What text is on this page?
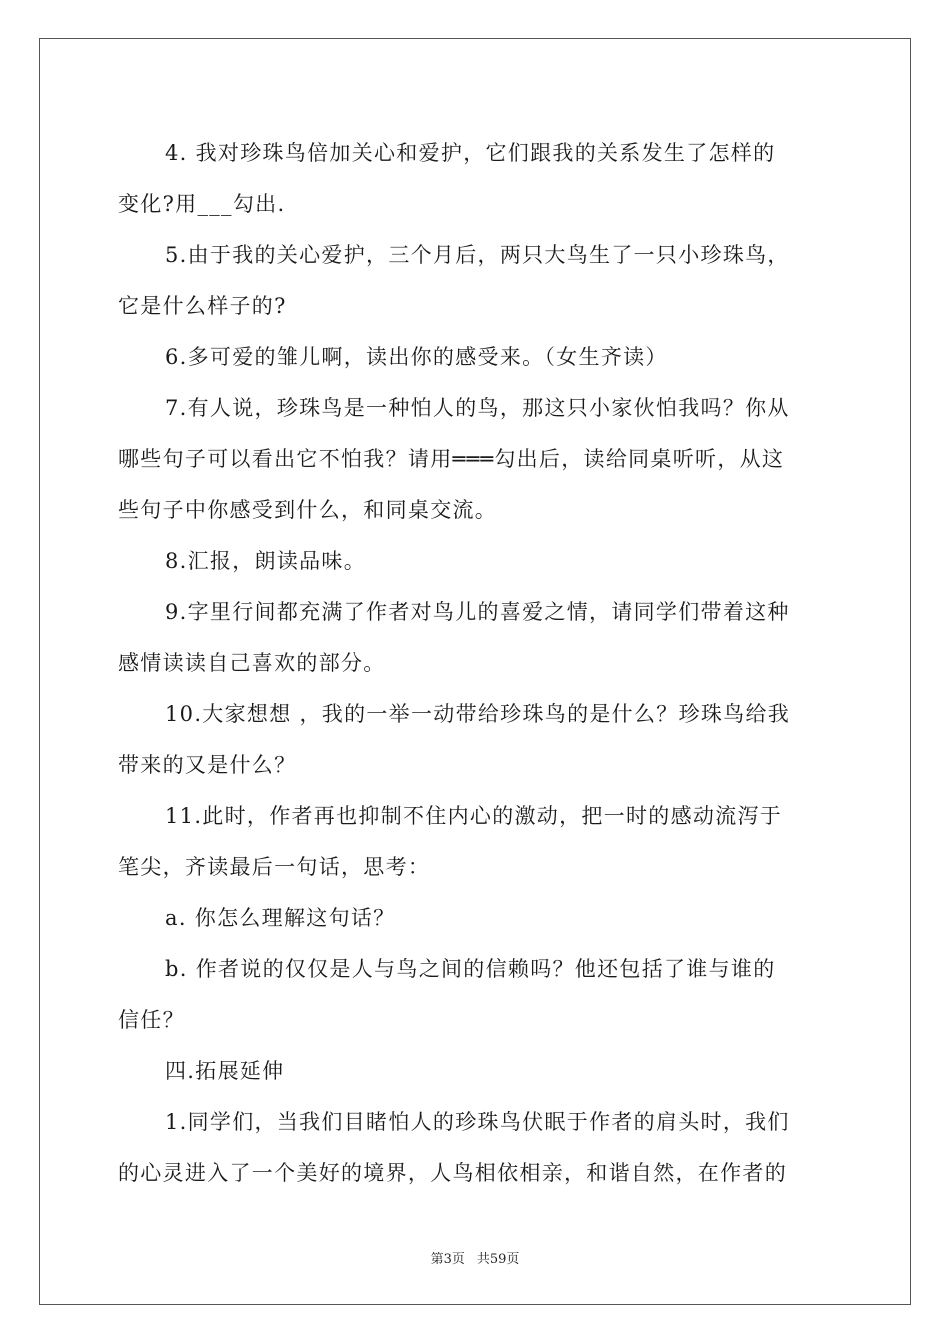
4. 我对珍珠鸟倍加关心和爱护，它们跟我的关系发生了怎样的
变化?用___勾出.
5.由于我的关心爱护，三个月后，两只大鸟生了一只小珍珠鸟，
它是什么样子的?
6.多可爱的雏儿啊，读出你的感受来。（女生齐读）
7.有人说，珍珠鸟是一种怕人的鸟，那这只小家伙怕我吗？你从
哪些句子可以看出它不怕我？请用═══勾出后，读给同桌听听，从这
些句子中你感受到什么，和同桌交流。
8.汇报，朗读品味。
9.字里行间都充满了作者对鸟儿的喜爱之情，请同学们带着这种
感情读读自己喜欢的部分。
10.大家想想 ，我的一举一动带给珍珠鸟的是什么？珍珠鸟给我
带来的又是什么？
11.此时，作者再也抑制不住内心的激动，把一时的感动流泻于
笔尖，齐读最后一句话，思考：
a. 你怎么理解这句话？
b. 作者说的仅仅是人与鸟之间的信赖吗？他还包括了谁与谁的
信任？
四.拓展延伸
1.同学们，当我们目睹怕人的珍珠鸟伏眠于作者的肩头时，我们
的心灵进入了一个美好的境界，人鸟相依相亲，和谐自然，在作者的
第3页 共59页
